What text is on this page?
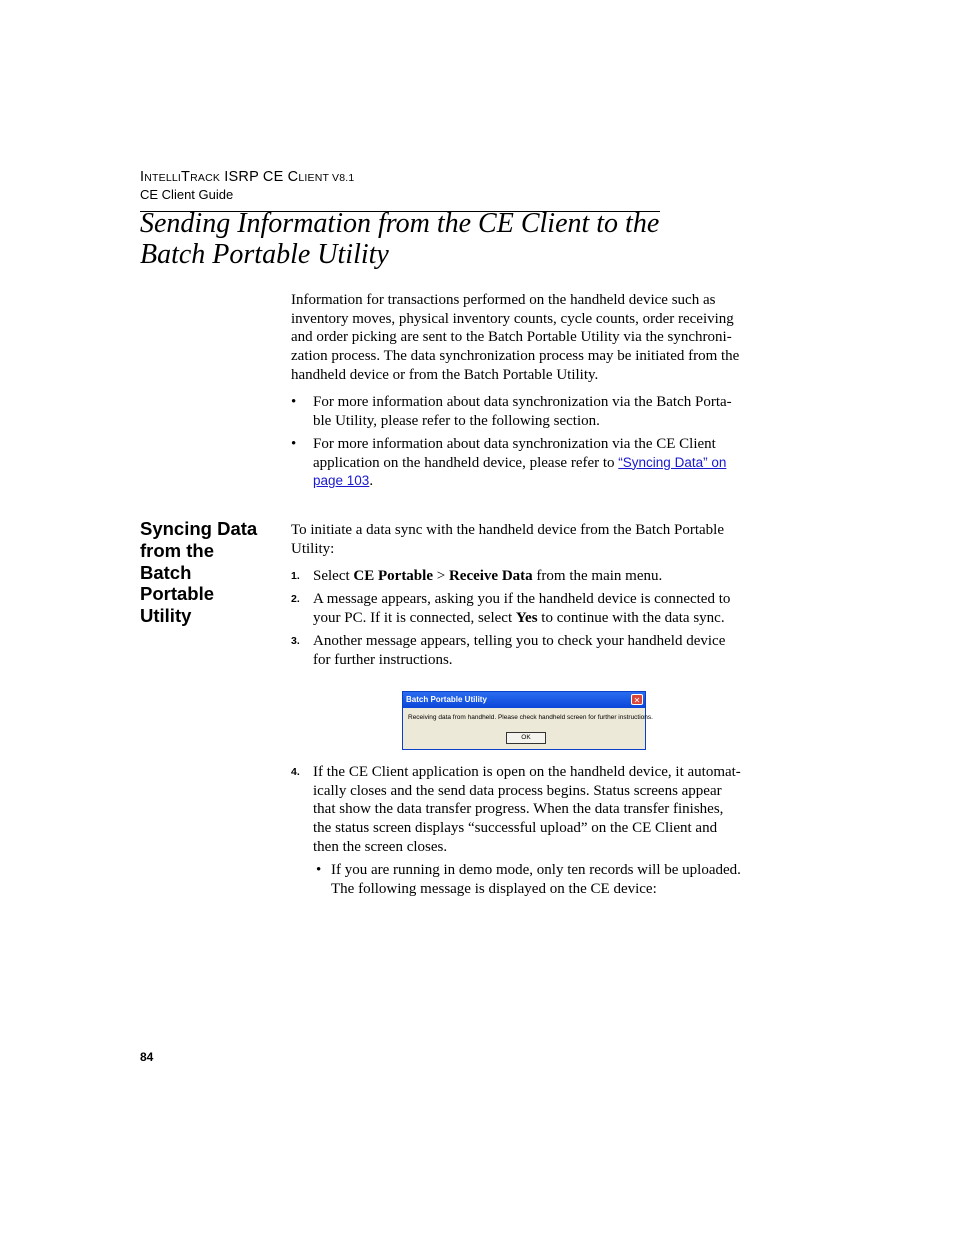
INTELLITRACK ISRP CE CLIENT V8.1
CE Client Guide
Sending Information from the CE Client to the
Batch Portable Utility
Information for transactions performed on the handheld device such as
inventory moves, physical inventory counts, cycle counts, order receiving
and order picking are sent to the Batch Portable Utility via the synchroni-
zation process. The data synchronization process may be initiated from the
handheld device or from the Batch Portable Utility.
•	For more information about data synchronization via the Batch Porta-
ble Utility, please refer to the following section.
•	For more information about data synchronization via the CE Client
application on the handheld device, please refer to “Syncing Data” on
page 103.
Syncing Data
from the
Batch
Portable
Utility
To initiate a data sync with the handheld device from the Batch Portable
Utility:
1. Select CE Portable > Receive Data from the main menu.
2. A message appears, asking you if the handheld device is connected to
your PC. If it is connected, select Yes to continue with the data sync.
3. Another message appears, telling you to check your handheld device
for further instructions.
Batch Portable Utility	✕
Receiving data from handheld. Please check handheld screen for further instructions.
OK
4. If the CE Client application is open on the handheld device, it automat-
ically closes and the send data process begins. Status screens appear
that show the data transfer progress. When the data transfer finishes,
the status screen displays “successful upload” on the CE Client and
then the screen closes.
• If you are running in demo mode, only ten records will be uploaded.
The following message is displayed on the CE device:
84
